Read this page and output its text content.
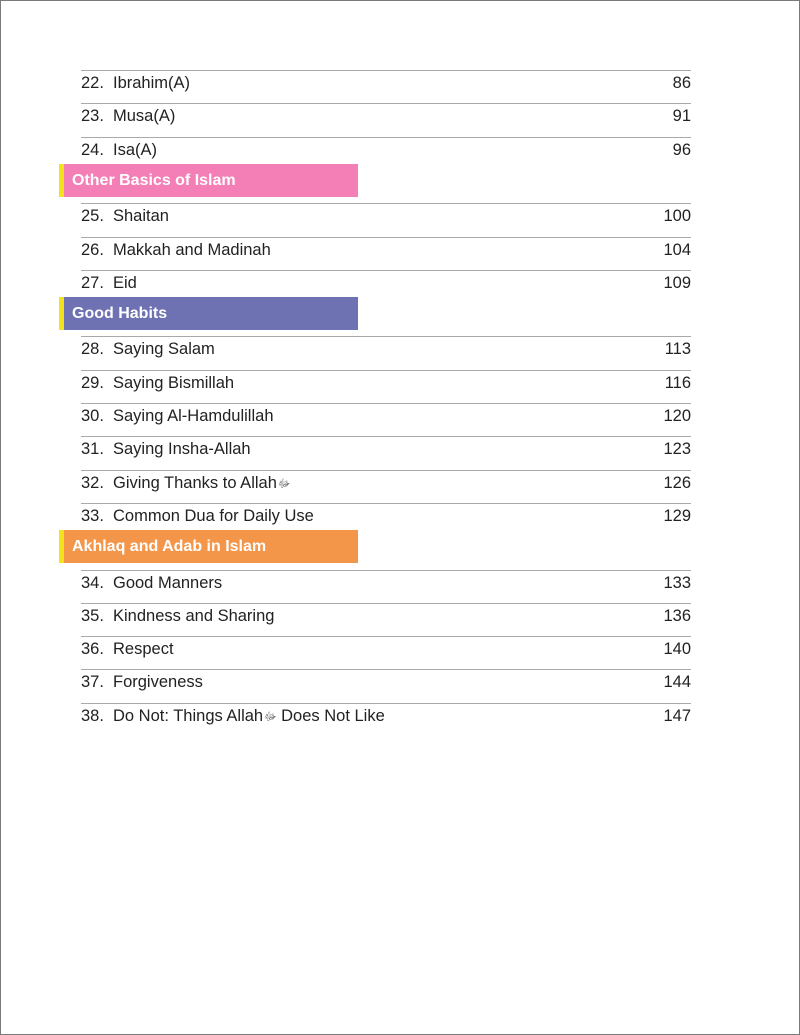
22. Ibrahim(A)	86
23. Musa(A)	91
24. Isa(A)	96
Other Basics of Islam
25. Shaitan	100
26. Makkah and Madinah	104
27. Eid	109
Good Habits
28. Saying Salam	113
29. Saying Bismillah	116
30. Saying Al-Hamdulillah	120
31. Saying Insha-Allah	123
32. Giving Thanks to Allahﷻ	126
33. Common Dua for Daily Use	129
Akhlaq and Adab in Islam
34. Good Manners	133
35. Kindness and Sharing	136
36. Respect	140
37. Forgiveness	144
38. Do Not: Things Allahﷻ Does Not Like	147
